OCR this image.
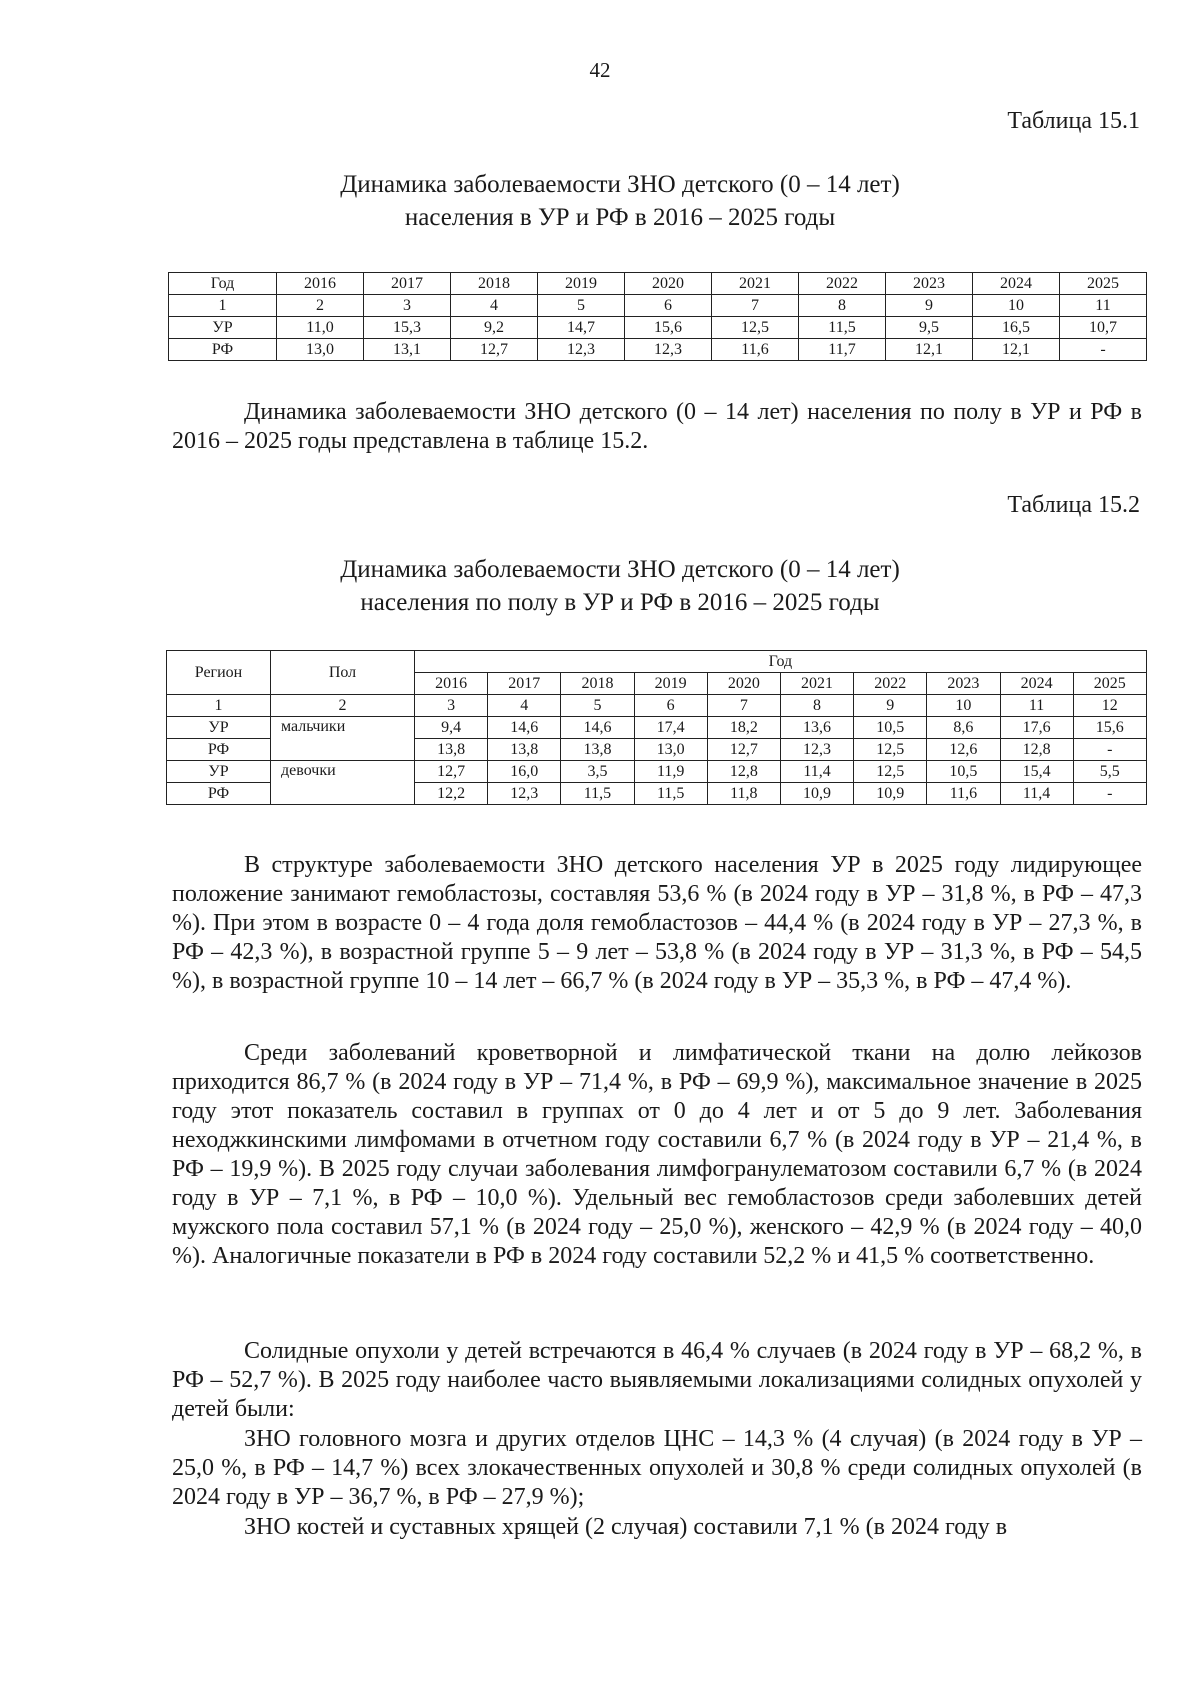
42
Таблица 15.1
Динамика заболеваемости ЗНО детского (0 – 14 лет)
населения в УР и РФ в 2016 – 2025 годы
Год	2016	2017	2018	2019	2020	2021	2022	2023	2024	2025
1	2	3	4	5	6	7	8	9	10	11
УР	11,0	15,3	9,2	14,7	15,6	12,5	11,5	9,5	16,5	10,7
РФ	13,0	13,1	12,7	12,3	12,3	11,6	11,7	12,1	12,1	-

Динамика заболеваемости ЗНО детского (0 – 14 лет) населения по полу в УР и РФ в 2016 – 2025 годы представлена в таблице 15.2.

Таблица 15.2
Динамика заболеваемости ЗНО детского (0 – 14 лет)
населения по полу в УР и РФ в 2016 – 2025 годы
Регион	Пол	Год									
		2016	2017	2018	2019	2020	2021	2022	2023	2024	2025
1	2	3	4	5	6	7	8	9	10	11	12
УР	мальчики	9,4	14,6	14,6	17,4	18,2	13,6	10,5	8,6	17,6	15,6
РФ		13,8	13,8	13,8	13,0	12,7	12,3	12,5	12,6	12,8	-
УР	девочки	12,7	16,0	3,5	11,9	12,8	11,4	12,5	10,5	15,4	5,5
РФ		12,2	12,3	11,5	11,5	11,8	10,9	10,9	11,6	11,4	-

В структуре заболеваемости ЗНО детского населения УР в 2025 году лидирующее положение занимают гемобластозы, составляя 53,6 % (в 2024 году в УР – 31,8 %, в РФ – 47,3 %). При этом в возрасте 0 – 4 года доля гемобластозов – 44,4 % (в 2024 году в УР – 27,3 %, в РФ – 42,3 %), в возрастной группе 5 – 9 лет – 53,8 % (в 2024 году в УР – 31,3 %, в РФ – 54,5 %), в возрастной группе 10 – 14 лет – 66,7 % (в 2024 году в УР – 35,3 %, в РФ – 47,4 %).

Среди заболеваний кроветворной и лимфатической ткани на долю лейкозов приходится 86,7 % (в 2024 году в УР – 71,4 %, в РФ – 69,9 %), максимальное значение в 2025 году этот показатель составил в группах от 0 до 4 лет и от 5 до 9 лет. Заболевания неходжкинскими лимфомами в отчетном году составили 6,7 % (в 2024 году в УР – 21,4 %, в РФ – 19,9 %). В 2025 году случаи заболевания лимфогранулематозом составили 6,7 % (в 2024 году в УР – 7,1 %, в РФ – 10,0 %). Удельный вес гемобластозов среди заболевших детей мужского пола составил 57,1 % (в 2024 году – 25,0 %), женского – 42,9 % (в 2024 году – 40,0 %). Аналогичные показатели в РФ в 2024 году составили 52,2 % и 41,5 % соответственно.

Солидные опухоли у детей встречаются в 46,4 % случаев (в 2024 году в УР – 68,2 %, в РФ – 52,7 %). В 2025 году наиболее часто выявляемыми локализациями солидных опухолей у детей были:

ЗНО головного мозга и других отделов ЦНС – 14,3 % (4 случая) (в 2024 году в УР – 25,0 %, в РФ – 14,7 %) всех злокачественных опухолей и 30,8 % среди солидных опухолей (в 2024 году в УР – 36,7 %, в РФ – 27,9 %);

ЗНО костей и суставных хрящей (2 случая) составили 7,1 % (в 2024 году в
